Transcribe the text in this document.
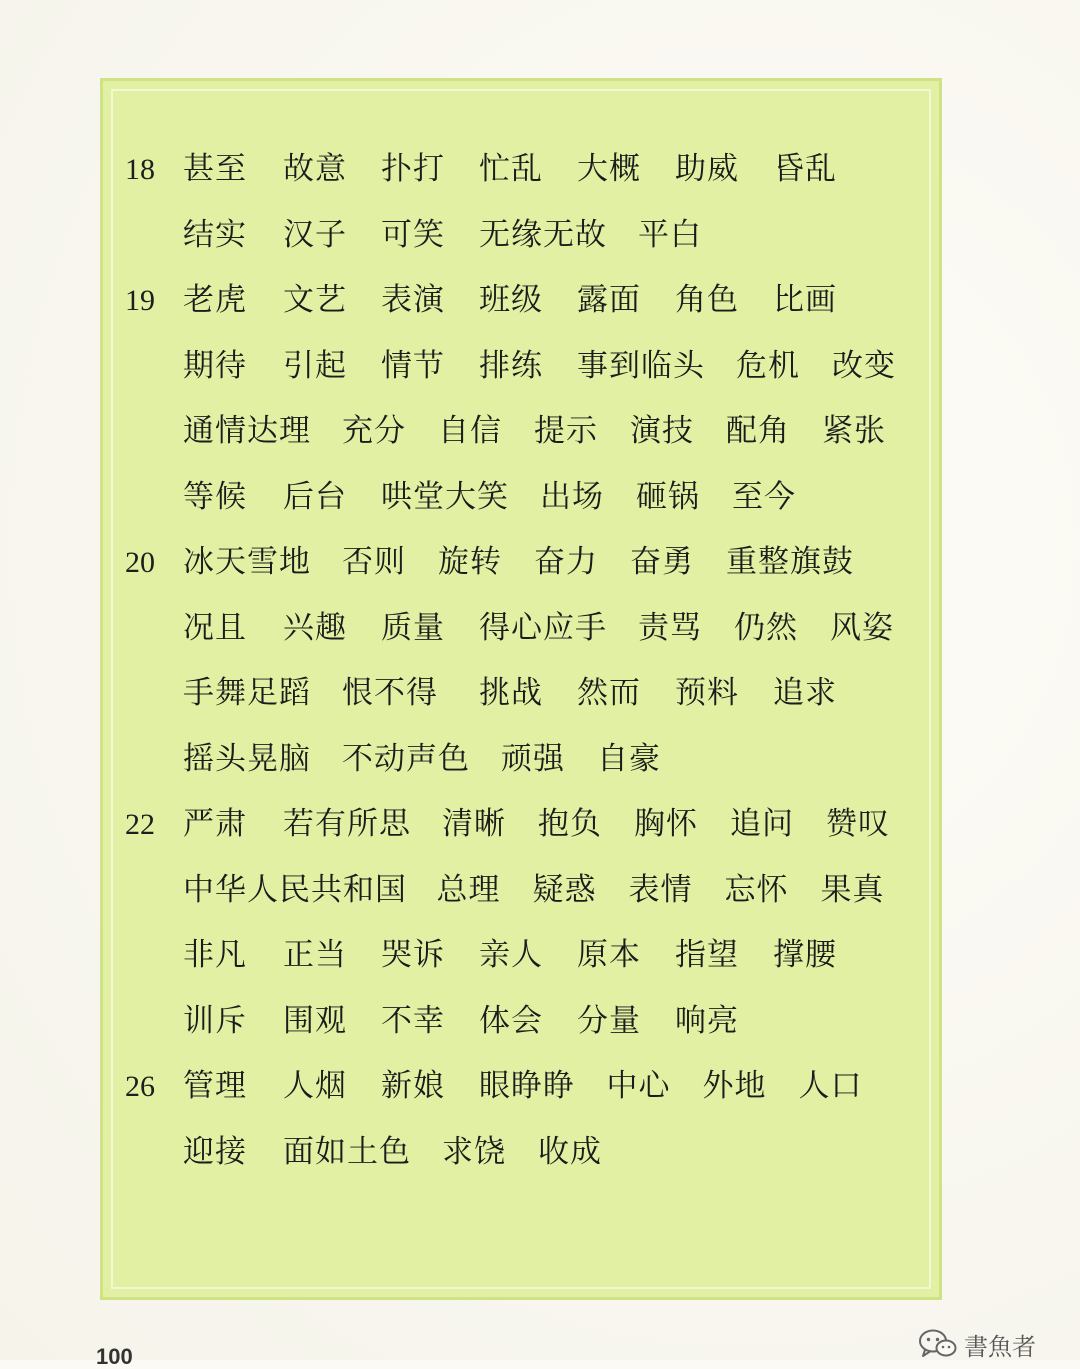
18 甚至 故意 扑打 忙乱 大概 助威 昏乱
结实 汉子 可笑 无缘无故 平白
19 老虎 文艺 表演 班级 露面 角色 比画
期待 引起 情节 排练 事到临头 危机 改变
通情达理 充分 自信 提示 演技 配角 紧张
等候 后台 哄堂大笑 出场 砸锅 至今
20 冰天雪地 否则 旋转 奋力 奋勇 重整旗鼓
况且 兴趣 质量 得心应手 责骂 仍然 风姿
手舞足蹈 恨不得 挑战 然而 预料 追求
摇头晃脑 不动声色 顽强 自豪
22 严肃 若有所思 清晰 抱负 胸怀 追问 赞叹
中华人民共和国 总理 疑惑 表情 忘怀 果真
非凡 正当 哭诉 亲人 原本 指望 撑腰
训斥 围观 不幸 体会 分量 响亮
26 管理 人烟 新娘 眼睁睁 中心 外地 人口
迎接 面如土色 求饶 收成
100	書魚者
